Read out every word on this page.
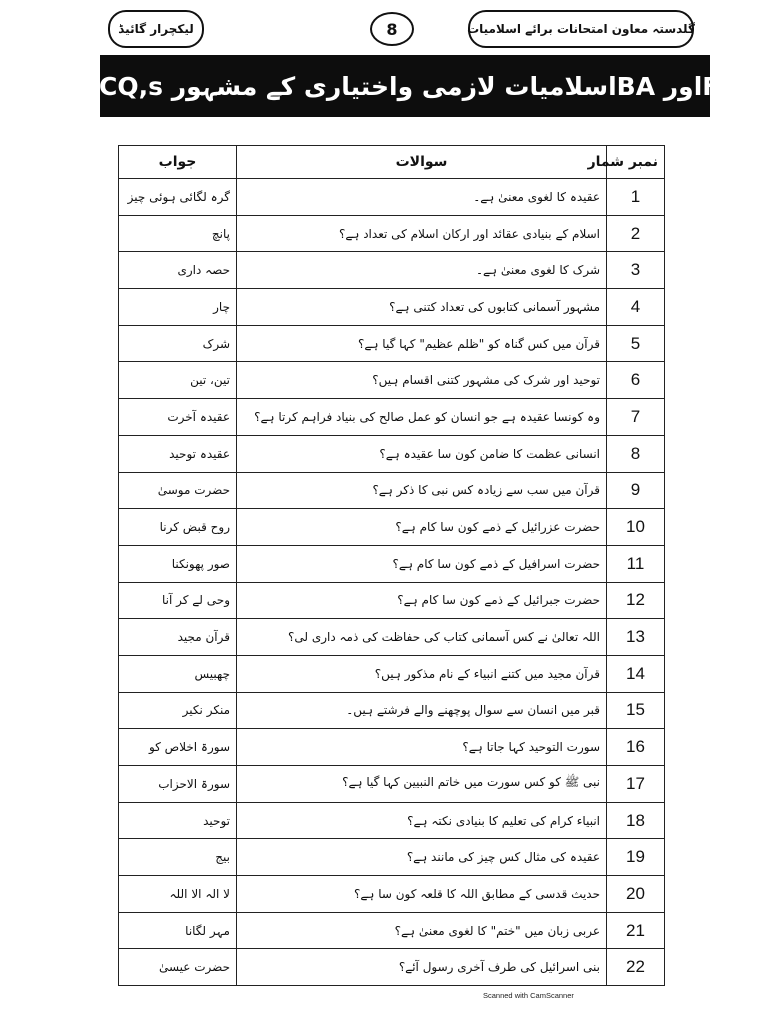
لیکچرار گائیڈ	8	گلدستہ معاون امتحانات برائے اسلامیات
FAاور BAاسلامیات لازمی واختیاری کے مشہور MCQ,s
نمبر شمار	سوالات	جواب
1	عقیدہ کا لغوی معنیٰ ہے۔	گرہ لگائی ہوئی چیز
2	اسلام کے بنیادی عقائد اور ارکان اسلام کی تعداد ہے؟	پانچ
3	شرک کا لغوی معنیٰ ہے۔	حصہ داری
4	مشہور آسمانی کتابوں کی تعداد کتنی ہے؟	چار
5	قرآن میں کس گناہ کو "ظلم عظیم" کہا گیا ہے؟	شرک
6	توحید اور شرک کی مشہور کتنی اقسام ہیں؟	تین، تین
7	وہ کونسا عقیدہ ہے جو انسان کو عمل صالح کی بنیاد فراہم کرتا ہے؟	عقیدہ آخرت
8	انسانی عظمت کا ضامن کون سا عقیدہ ہے؟	عقیدہ توحید
9	قرآن میں سب سے زیادہ کس نبی کا ذکر ہے؟	حضرت موسیٰ
10	حضرت عزرائیل کے ذمے کون سا کام ہے؟	روح قبض کرنا
11	حضرت اسرافیل کے ذمے کون سا کام ہے؟	صور پھونکنا
12	حضرت جبرائیل کے ذمے کون سا کام ہے؟	وحی لے کر آنا
13	اللہ تعالیٰ نے کس آسمانی کتاب کی حفاظت کی ذمہ داری لی؟	قرآن مجید
14	قرآن مجید میں کتنے انبیاء کے نام مذکور ہیں؟	چھبیس
15	قبر میں انسان سے سوال پوچھنے والے فرشتے ہیں۔	منکر نکیر
16	سورت التوحید کہا جاتا ہے؟	سورۃ اخلاص کو
17	نبی ﷺ کو کس سورت میں خاتم النبیین کہا گیا ہے؟	سورۃ الاحزاب
18	انبیاء کرام کی تعلیم کا بنیادی نکتہ ہے؟	توحید
19	عقیدہ کی مثال کس چیز کی مانند ہے؟	بیج
20	حدیث قدسی کے مطابق اللہ کا قلعہ کون سا ہے؟	لا الہ الا اللہ
21	عربی زبان میں "ختم" کا لغوی معنیٰ ہے؟	مہر لگانا
22	بنی اسرائیل کی طرف آخری رسول آئے؟	حضرت عیسیٰ
Scanned with CamScanner
